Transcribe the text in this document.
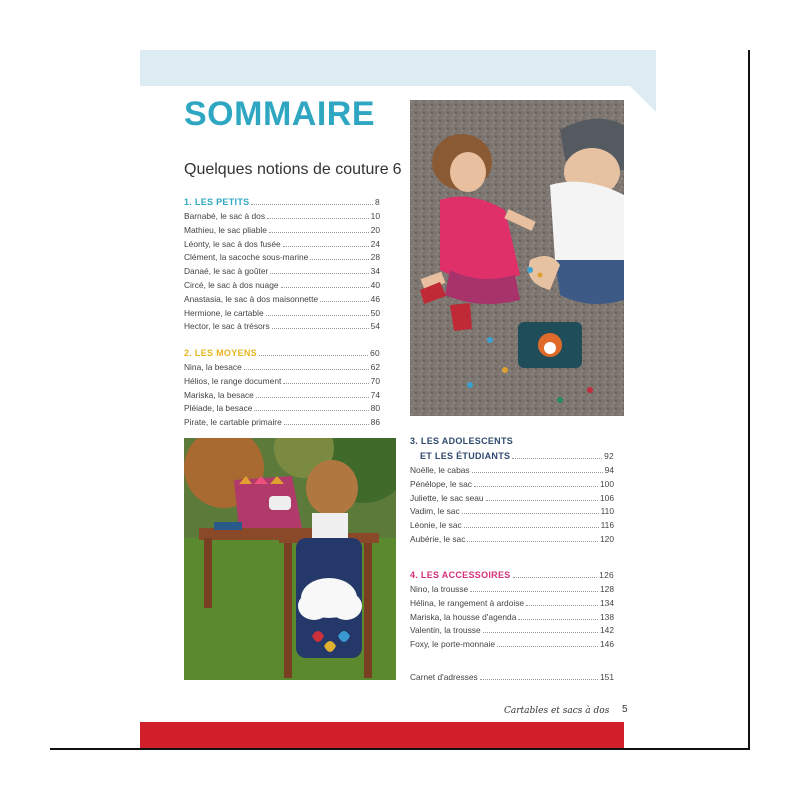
SOMMAIRE
Quelques notions de couture 6
1. LES PETITS	8
Barnabé, le sac à dos	10
Mathieu, le sac pliable	20
Léonty, le sac à dos fusée	24
Clément, la sacoche sous-marine	28
Danaé, le sac à goûter	34
Circé, le sac à dos nuage	40
Anastasia, le sac à dos maisonnette	46
Hermione, le cartable	50
Hector, le sac à trésors	54
2. LES MOYENS	60
Nina, la besace	62
Hélios, le range document	70
Mariska, la besace	74
Pléiade, la besace	80
Pirate, le cartable primaire	86
3. LES ADOLESCENTS
ET LES ÉTUDIANTS	92
Noëlle, le cabas	94
Pénélope, le sac	100
Juliette, le sac seau	106
Vadim, le sac	110
Léonie, le sac	116
Aubérie, le sac	120
4. LES ACCESSOIRES	126
Nino, la trousse	128
Hélina, le rangement à ardoise	134
Mariska, la housse d'agenda	138
Valentin, la trousse	142
Foxy, le porte-monnaie	146
Carnet d'adresses	151
Cartables et sacs à dos 5
